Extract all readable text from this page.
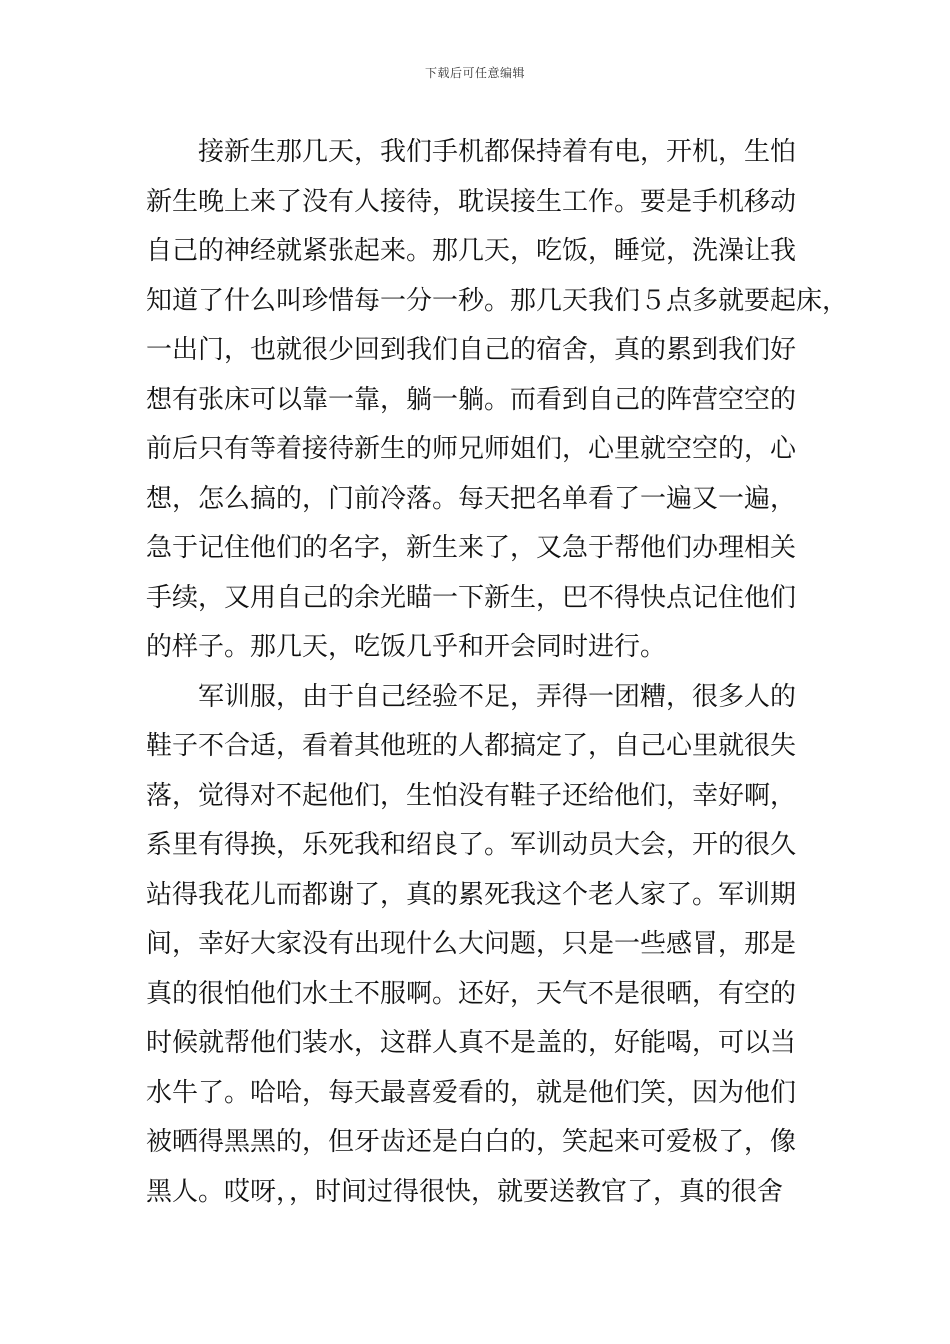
下载后可任意编辑
接新生那几天，我们手机都保持着有电，开机，生怕
新生晚上来了没有人接待，耽误接生工作。要是手机移动
自己的神经就紧张起来。那几天，吃饭，睡觉，洗澡让我
知道了什么叫珍惜每一分一秒。那几天我们５点多就要起床，
一出门，也就很少回到我们自己的宿舍，真的累到我们好
想有张床可以靠一靠，躺一躺。而看到自己的阵营空空的
前后只有等着接待新生的师兄师姐们，心里就空空的，心
想，怎么搞的，门前冷落。每天把名单看了一遍又一遍，
急于记住他们的名字，新生来了，又急于帮他们办理相关
手续，又用自己的余光瞄一下新生，巴不得快点记住他们
的样子。那几天，吃饭几乎和开会同时进行。
军训服，由于自己经验不足，弄得一团糟，很多人的
鞋子不合适，看着其他班的人都搞定了，自己心里就很失
落，觉得对不起他们，生怕没有鞋子还给他们，幸好啊，
系里有得换，乐死我和绍良了。军训动员大会，开的很久
站得我花儿而都谢了，真的累死我这个老人家了。军训期
间，幸好大家没有出现什么大问题，只是一些感冒，那是
真的很怕他们水土不服啊。还好，天气不是很晒，有空的
时候就帮他们装水，这群人真不是盖的，好能喝，可以当
水牛了。哈哈，每天最喜爱看的，就是他们笑，因为他们
被晒得黑黑的，但牙齿还是白白的，笑起来可爱极了，像
黑人。哎呀，，时间过得很快，就要送教官了，真的很舍
